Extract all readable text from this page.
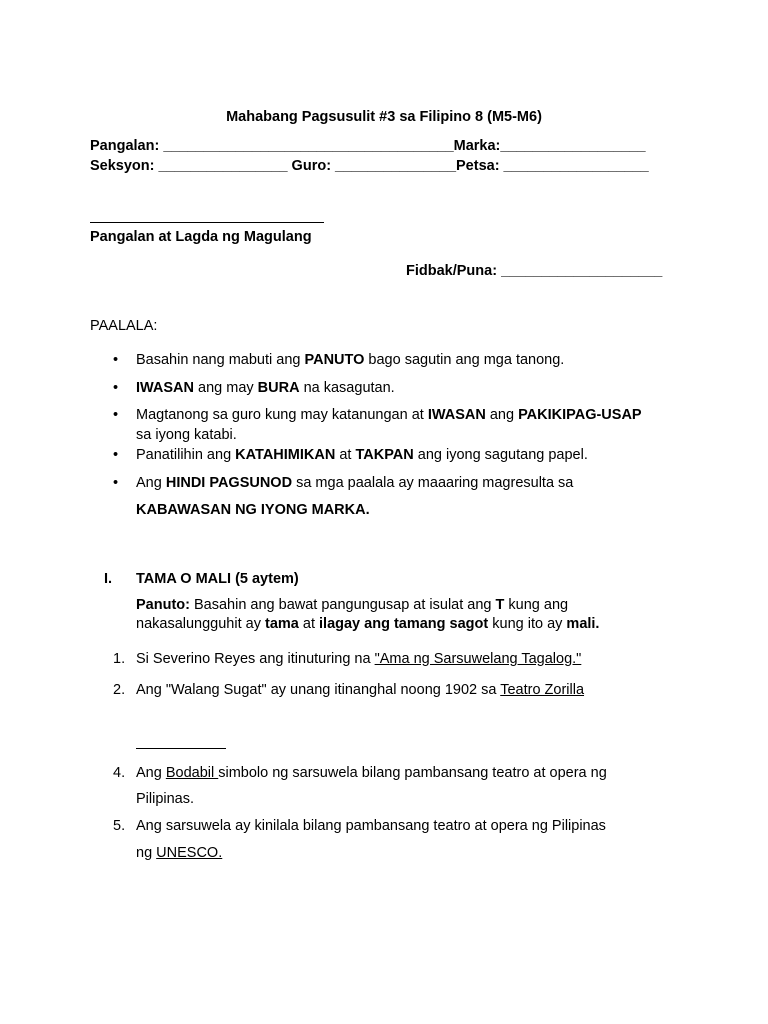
Mahabang Pagsusulit #3 sa Filipino 8 (M5-M6)
Pangalan: ____________________________________Marka:__________________
Seksyon: ________________ Guro: _______________Petsa: __________________
Pangalan at Lagda ng Magulang
Fidbak/Puna: ____________________
PAALALA:
• Basahin nang mabuti ang PANUTO bago sagutin ang mga tanong.
• IWASAN ang may BURA na kasagutan.
• Magtanong sa guro kung may katanungan at IWASAN ang PAKIKIPAG-USAP
sa iyong katabi.
• Panatilihin ang KATAHIMIKAN at TAKPAN ang iyong sagutang papel.
• Ang HINDI PAGSUNOD sa mga paalala ay maaaring magresulta sa
KABAWASAN NG IYONG MARKA.
I. TAMA O MALI (5 aytem)
Panuto: Basahin ang bawat pangungusap at isulat ang T kung ang
nakasalungguhit ay tama at ilagay ang tamang sagot kung ito ay mali.
1. Si Severino Reyes ang itinuturing na "Ama ng Sarsuwelang Tagalog."
2. Ang "Walang Sugat" ay unang itinanghal noong 1902 sa Teatro Zorilla
4. Ang Bodabil simbolo ng sarsuwela bilang pambansang teatro at opera ng
Pilipinas.
5. Ang sarsuwela ay kinilala bilang pambansang teatro at opera ng Pilipinas
ng UNESCO.
